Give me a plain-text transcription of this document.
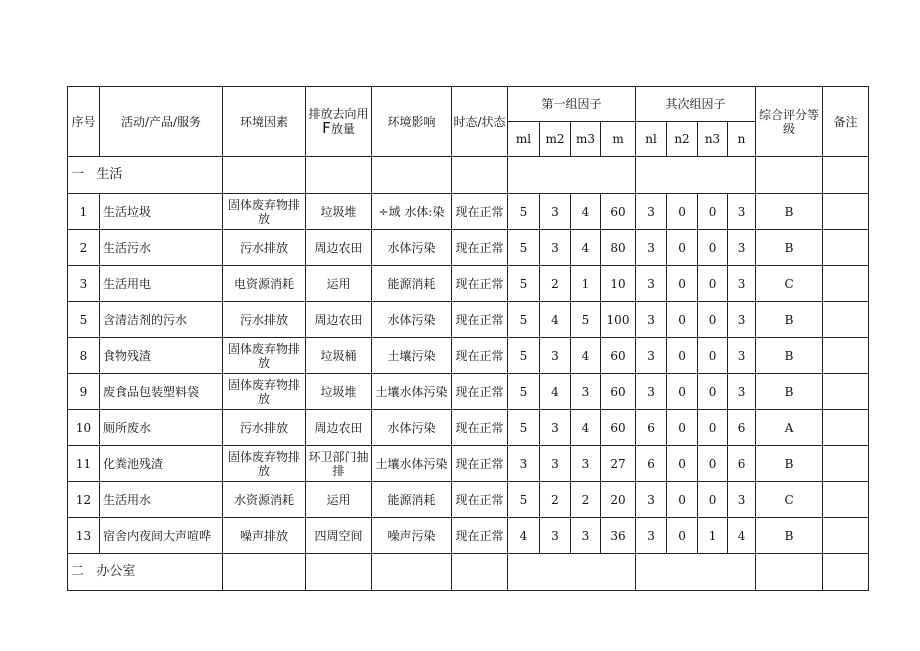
序号	活动/产品/服务	环境因素	排放去向用
F放量	环境影响	时态/状态	第一组因子				其次组因子				综合评分等级	备注
						ml	m2	m3	m	nl	n2	n3	n		
一 生活															
1	生活垃圾	固体废弃物排放	垃圾堆	÷域 水体:染	现在正常	5	3	4	60	3	0	0	3	B	
2	生活污水	污水排放	周边农田	水体污染	现在正常	5	3	4	80	3	0	0	3	B	
3	生活用电	电资源消耗	运用	能源消耗	现在正常	5	2	1	10	3	0	0	3	C	
5	含清洁剂的污水	污水排放	周边农田	水体污染	现在正常	5	4	5	100	3	0	0	3	B	
8	食物残渣	固体废弃物排放	垃圾桶	土壤污染	现在正常	5	3	4	60	3	0	0	3	B	
9	废食品包装塑料袋	固体废弃物排放	垃圾堆	土壤水体污染	现在正常	5	4	3	60	3	0	0	3	B	
10	厕所废水	污水排放	周边农田	水体污染	现在正常	5	3	4	60	6	0	0	6	A	
11	化粪池残渣	固体废弃物排放	环卫部门抽排	土壤水体污染	现在正常	3	3	3	27	6	0	0	6	B	
12	生活用水	水资源消耗	运用	能源消耗	现在正常	5	2	2	20	3	0	0	3	C	
13	宿舍内夜间大声喧哗	噪声排放	四周空间	噪声污染	现在正常	4	3	3	36	3	0	1	4	B	
二 办公室															
